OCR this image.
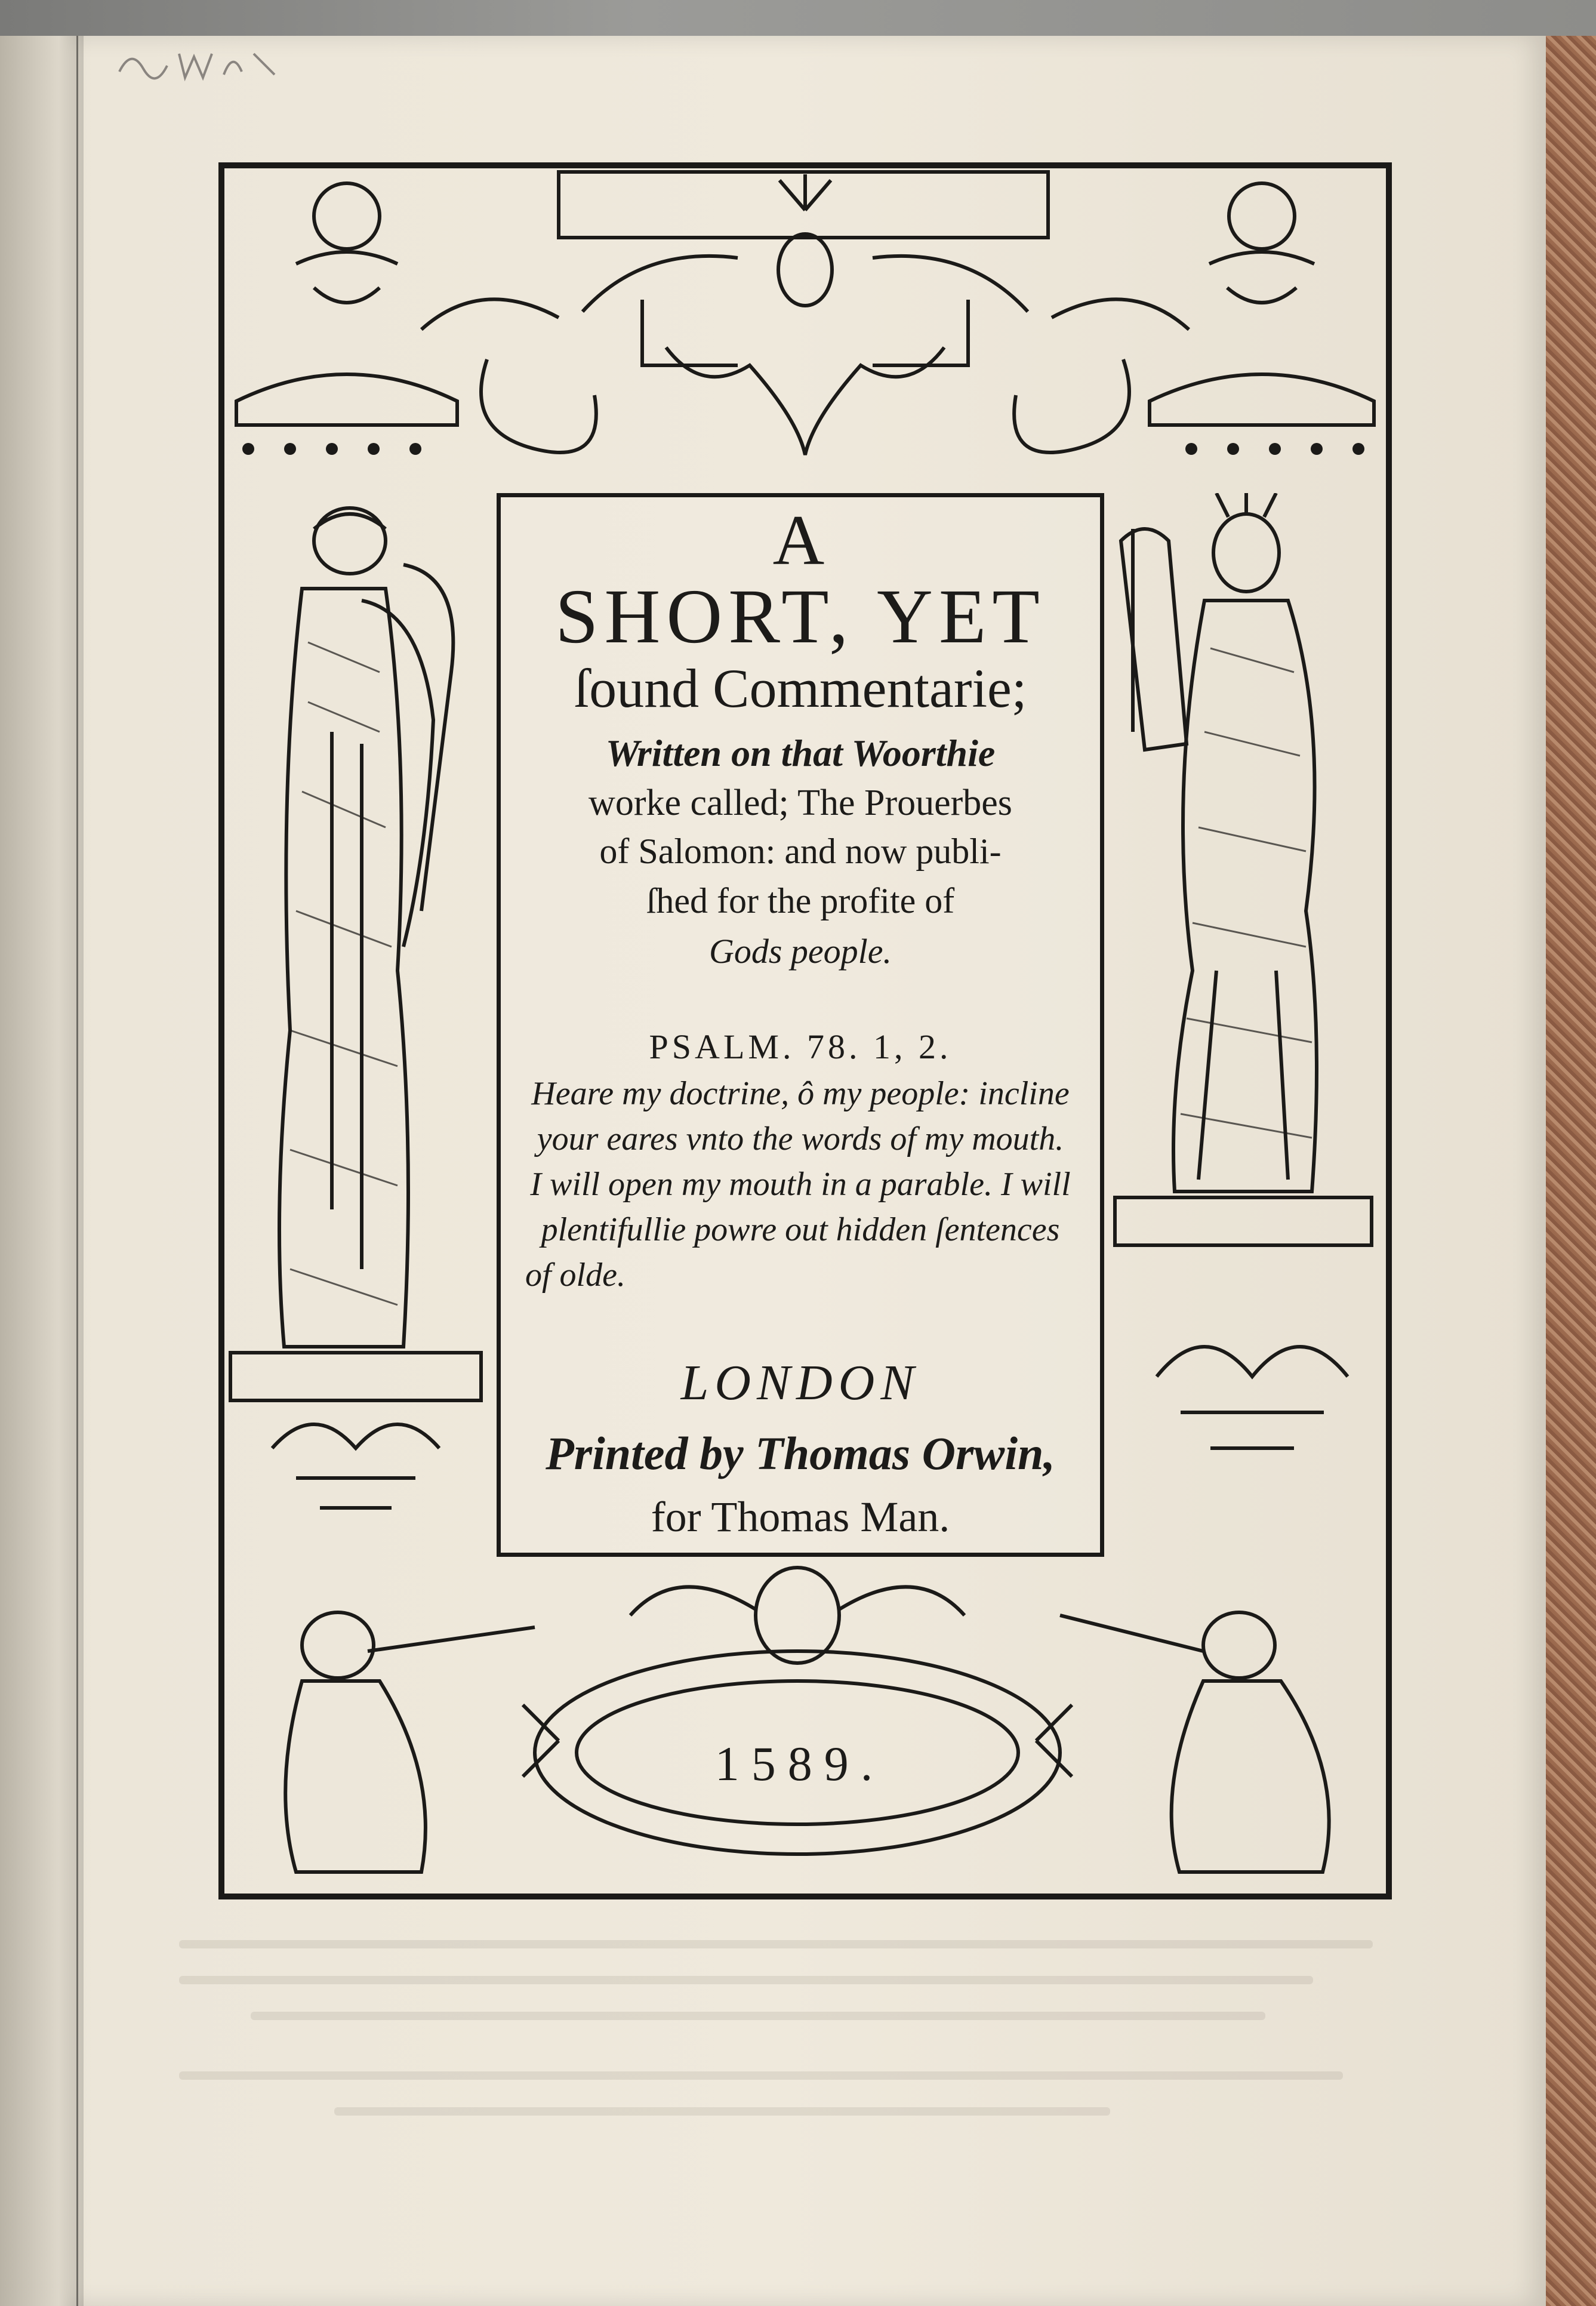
A
SHORT, YET
ſound Commentarie;
Written on that Woorthie
worke called; The Prouerbes
of Salomon: and now publi-
ſhed for the profite of
Gods people.
PSALM. 78. 1, 2.
Heare my doctrine, ô my people: incline
your eares vnto the words of my mouth.
I will open my mouth in a parable. I will
plentifullie powre out hidden ſentences
of olde.
LONDON
Printed by Thomas Orwin,
for Thomas Man.
1589.
